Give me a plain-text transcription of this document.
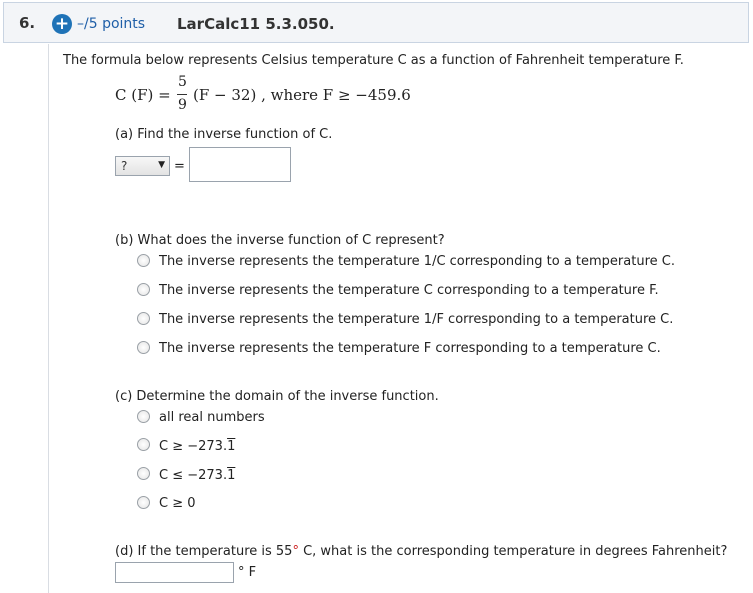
6. + –/5 points LarCalc11 5.3.050.
The formula below represents Celsius temperature C as a function of Fahrenheit temperature F.
C (F) =
5
9
(F − 32) , where F ≥ −459.6
(a) Find the inverse function of C.
?	▼ =
(b) What does the inverse function of C represent?
The inverse represents the temperature 1/C corresponding to a temperature C.
The inverse represents the temperature C corresponding to a temperature F.
The inverse represents the temperature 1/F corresponding to a temperature C.
The inverse represents the temperature F corresponding to a temperature C.
(c) Determine the domain of the inverse function.
all real numbers
C ≥ −273.1
C ≤ −273.1
C ≥ 0
(d) If the temperature is 55° C, what is the corresponding temperature in degrees Fahrenheit?
° F
